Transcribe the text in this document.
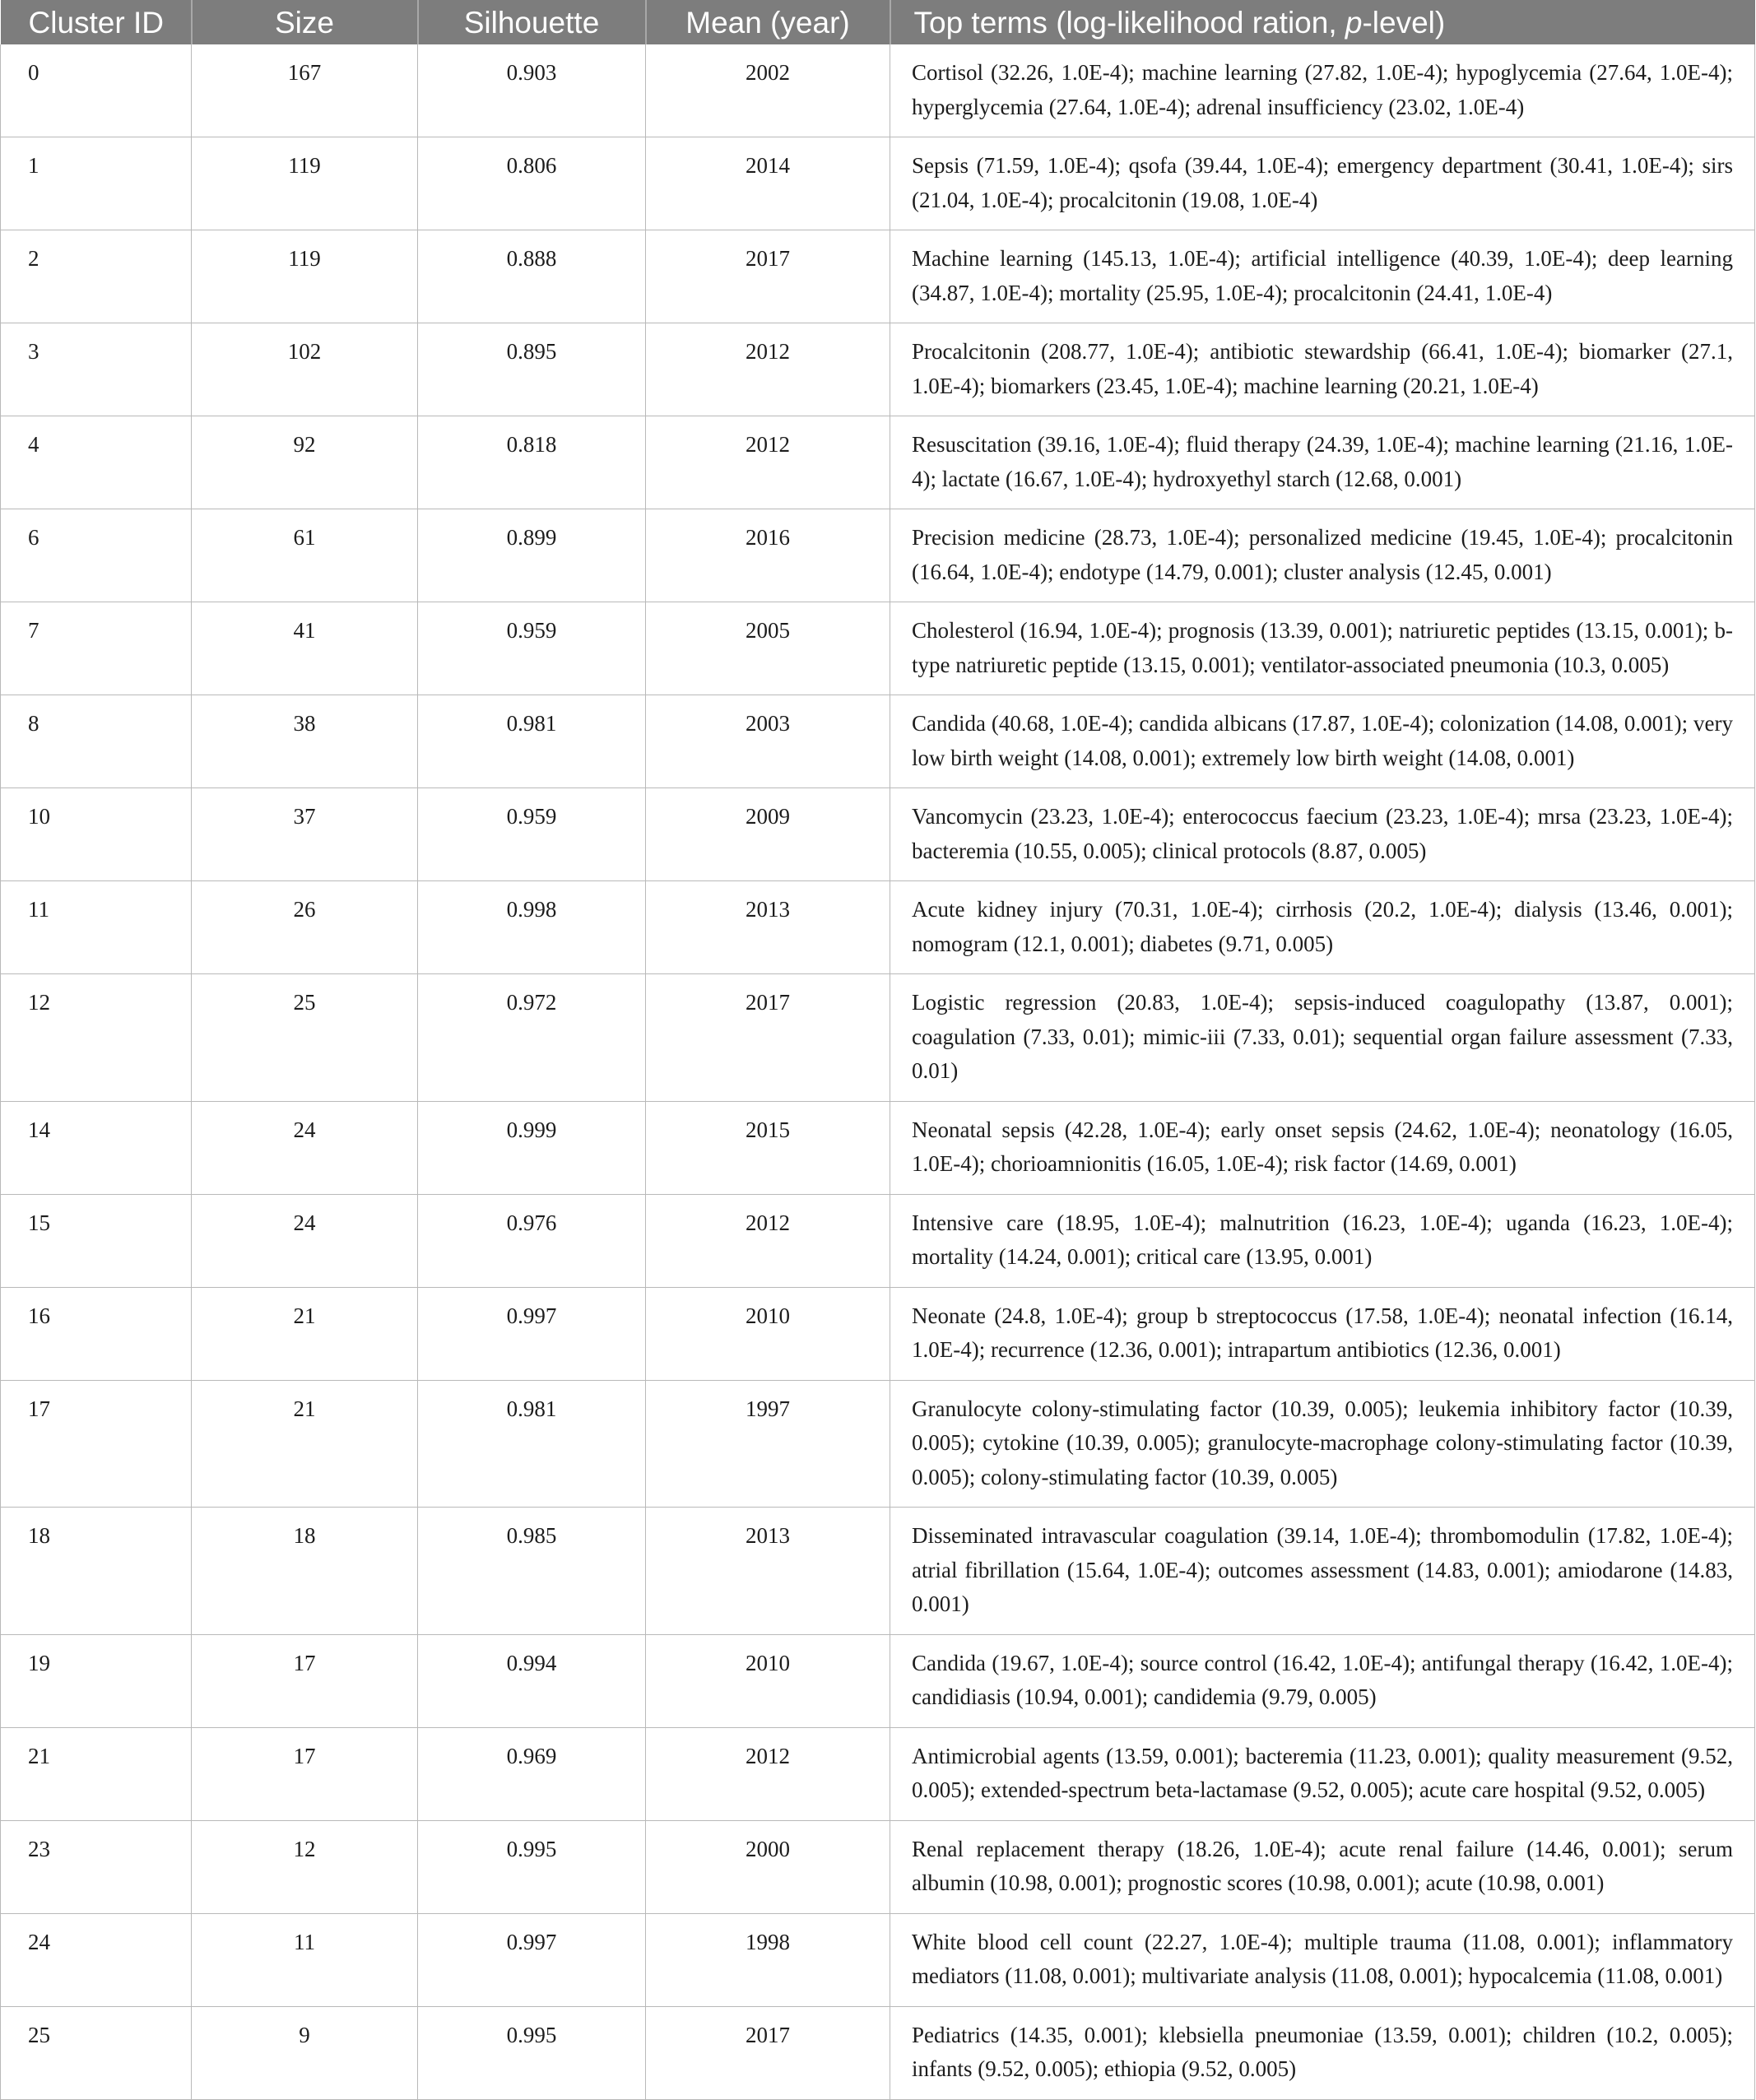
Cluster ID	Size	Silhouette	Mean (year)	Top terms (log-likelihood ration, p-level)
0	167	0.903	2002	Cortisol (32.26, 1.0E-4); machine learning (27.82, 1.0E-4); hypoglycemia (27.64, 1.0E-4); hyperglycemia (27.64, 1.0E-4); adrenal insufficiency (23.02, 1.0E-4)
1	119	0.806	2014	Sepsis (71.59, 1.0E-4); qsofa (39.44, 1.0E-4); emergency department (30.41, 1.0E-4); sirs (21.04, 1.0E-4); procalcitonin (19.08, 1.0E-4)
2	119	0.888	2017	Machine learning (145.13, 1.0E-4); artificial intelligence (40.39, 1.0E-4); deep learning (34.87, 1.0E-4); mortality (25.95, 1.0E-4); procalcitonin (24.41, 1.0E-4)
3	102	0.895	2012	Procalcitonin (208.77, 1.0E-4); antibiotic stewardship (66.41, 1.0E-4); biomarker (27.1, 1.0E-4); biomarkers (23.45, 1.0E-4); machine learning (20.21, 1.0E-4)
4	92	0.818	2012	Resuscitation (39.16, 1.0E-4); fluid therapy (24.39, 1.0E-4); machine learning (21.16, 1.0E-4); lactate (16.67, 1.0E-4); hydroxyethyl starch (12.68, 0.001)
6	61	0.899	2016	Precision medicine (28.73, 1.0E-4); personalized medicine (19.45, 1.0E-4); procalcitonin (16.64, 1.0E-4); endotype (14.79, 0.001); cluster analysis (12.45, 0.001)
7	41	0.959	2005	Cholesterol (16.94, 1.0E-4); prognosis (13.39, 0.001); natriuretic peptides (13.15, 0.001); b-type natriuretic peptide (13.15, 0.001); ventilator-associated pneumonia (10.3, 0.005)
8	38	0.981	2003	Candida (40.68, 1.0E-4); candida albicans (17.87, 1.0E-4); colonization (14.08, 0.001); very low birth weight (14.08, 0.001); extremely low birth weight (14.08, 0.001)
10	37	0.959	2009	Vancomycin (23.23, 1.0E-4); enterococcus faecium (23.23, 1.0E-4); mrsa (23.23, 1.0E-4); bacteremia (10.55, 0.005); clinical protocols (8.87, 0.005)
11	26	0.998	2013	Acute kidney injury (70.31, 1.0E-4); cirrhosis (20.2, 1.0E-4); dialysis (13.46, 0.001); nomogram (12.1, 0.001); diabetes (9.71, 0.005)
12	25	0.972	2017	Logistic regression (20.83, 1.0E-4); sepsis-induced coagulopathy (13.87, 0.001); coagulation (7.33, 0.01); mimic-iii (7.33, 0.01); sequential organ failure assessment (7.33, 0.01)
14	24	0.999	2015	Neonatal sepsis (42.28, 1.0E-4); early onset sepsis (24.62, 1.0E-4); neonatology (16.05, 1.0E-4); chorioamnionitis (16.05, 1.0E-4); risk factor (14.69, 0.001)
15	24	0.976	2012	Intensive care (18.95, 1.0E-4); malnutrition (16.23, 1.0E-4); uganda (16.23, 1.0E-4); mortality (14.24, 0.001); critical care (13.95, 0.001)
16	21	0.997	2010	Neonate (24.8, 1.0E-4); group b streptococcus (17.58, 1.0E-4); neonatal infection (16.14, 1.0E-4); recurrence (12.36, 0.001); intrapartum antibiotics (12.36, 0.001)
17	21	0.981	1997	Granulocyte colony-stimulating factor (10.39, 0.005); leukemia inhibitory factor (10.39, 0.005); cytokine (10.39, 0.005); granulocyte-macrophage colony-stimulating factor (10.39, 0.005); colony-stimulating factor (10.39, 0.005)
18	18	0.985	2013	Disseminated intravascular coagulation (39.14, 1.0E-4); thrombomodulin (17.82, 1.0E-4); atrial fibrillation (15.64, 1.0E-4); outcomes assessment (14.83, 0.001); amiodarone (14.83, 0.001)
19	17	0.994	2010	Candida (19.67, 1.0E-4); source control (16.42, 1.0E-4); antifungal therapy (16.42, 1.0E-4); candidiasis (10.94, 0.001); candidemia (9.79, 0.005)
21	17	0.969	2012	Antimicrobial agents (13.59, 0.001); bacteremia (11.23, 0.001); quality measurement (9.52, 0.005); extended-spectrum beta-lactamase (9.52, 0.005); acute care hospital (9.52, 0.005)
23	12	0.995	2000	Renal replacement therapy (18.26, 1.0E-4); acute renal failure (14.46, 0.001); serum albumin (10.98, 0.001); prognostic scores (10.98, 0.001); acute (10.98, 0.001)
24	11	0.997	1998	White blood cell count (22.27, 1.0E-4); multiple trauma (11.08, 0.001); inflammatory mediators (11.08, 0.001); multivariate analysis (11.08, 0.001); hypocalcemia (11.08, 0.001)
25	9	0.995	2017	Pediatrics (14.35, 0.001); klebsiella pneumoniae (13.59, 0.001); children (10.2, 0.005); infants (9.52, 0.005); ethiopia (9.52, 0.005)
